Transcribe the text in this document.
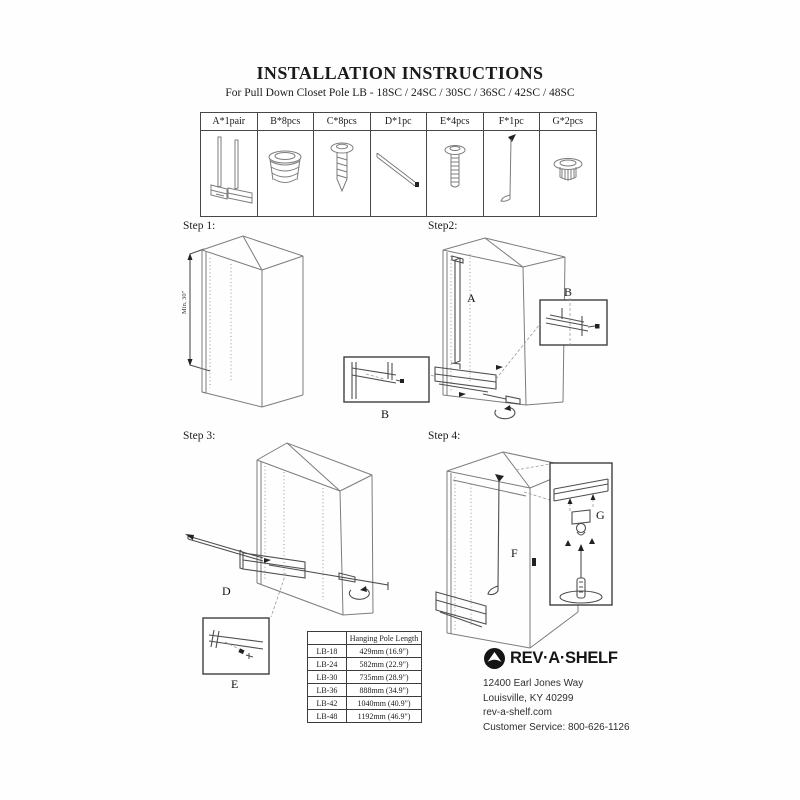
INSTALLATION INSTRUCTIONS
For Pull Down Closet Pole LB - 18SC / 24SC / 30SC / 36SC / 42SC / 48SC
A*1pair	B*8pcs	C*8pcs	D*1pc	E*4pcs	F*1pc	G*2pcs

Step 1:
Min. 30"
Step2:
A
B
B
Step 3:
D
E
Step 4:
F
G
	Hanging Pole Length
LB-18	429mm (16.9")
LB-24	582mm (22.9")
LB-30	735mm (28.9")
LB-36	888mm (34.9")
LB-42	1040mm (40.9")
LB-48	1192mm (46.9")
REV·A·SHELF
12400 Earl Jones Way
Louisville, KY 40299
rev-a-shelf.com
Customer Service: 800-626-1126
